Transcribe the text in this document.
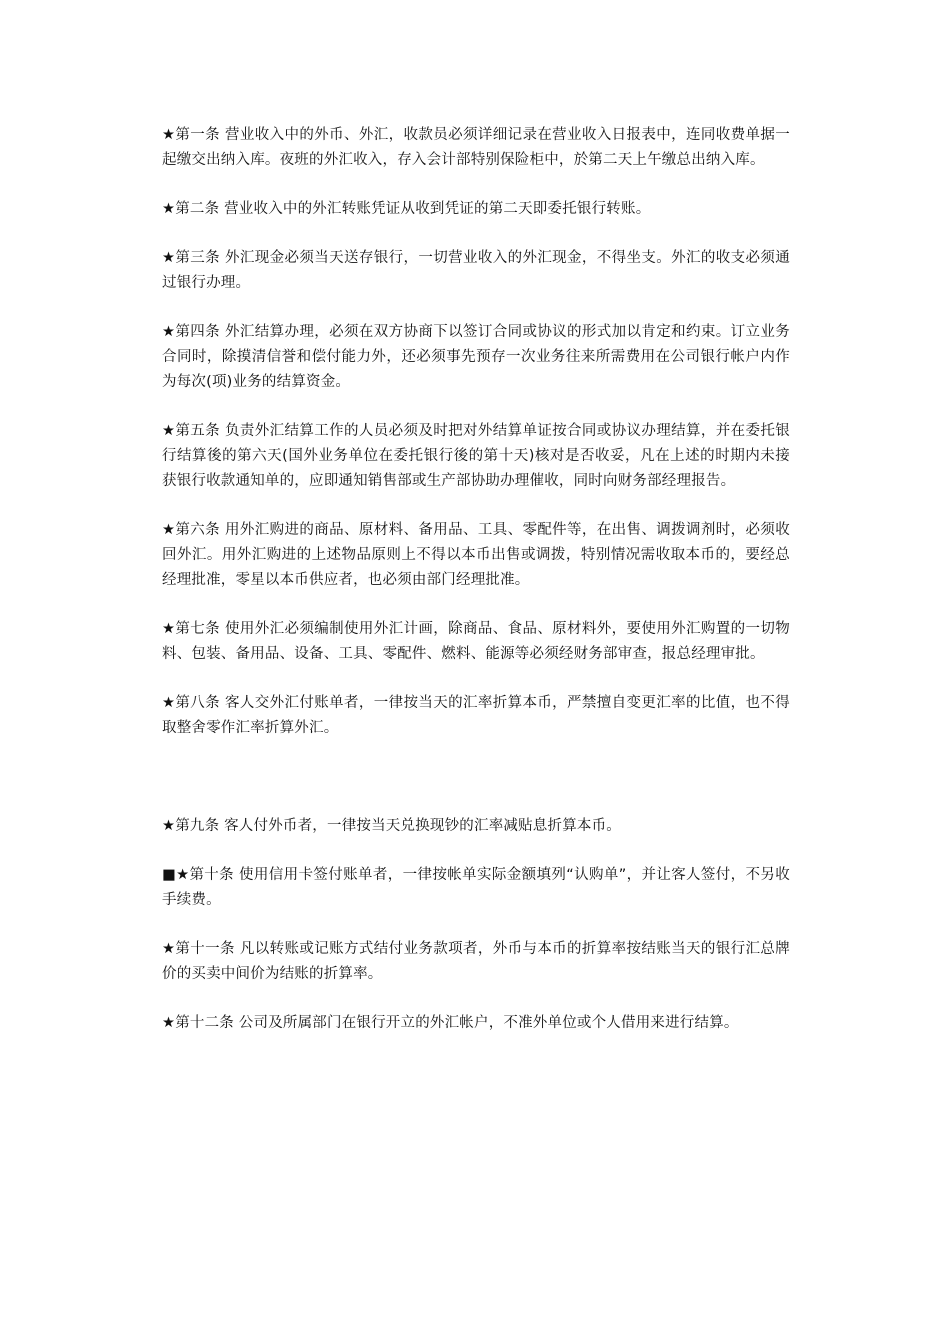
★第一条 营业收入中的外币、外汇，收款员必须详细记录在营业收入日报表中，连同收费单据一起缴交出纳入库。夜班的外汇收入，存入会计部特别保险柜中，於第二天上午缴总出纳入库。

★第二条 营业收入中的外汇转账凭证从收到凭证的第二天即委托银行转账。

★第三条 外汇现金必须当天送存银行，一切营业收入的外汇现金，不得坐支。外汇的收支必须通过银行办理。

★第四条 外汇结算办理，必须在双方协商下以签订合同或协议的形式加以肯定和约束。订立业务合同时，除摸清信誉和偿付能力外，还必须事先预存一次业务往来所需费用在公司银行帐户内作为每次(项)业务的结算资金。

★第五条 负责外汇结算工作的人员必须及时把对外结算单证按合同或协议办理结算，并在委托银行结算後的第六天(国外业务单位在委托银行後的第十天)核对是否收妥，凡在上述的时期内未接获银行收款通知单的，应即通知销售部或生产部协助办理催收，同时向财务部经理报告。

★第六条 用外汇购进的商品、原材料、备用品、工具、零配件等，在出售、调拨调剂时，必须收回外汇。用外汇购进的上述物品原则上不得以本币出售或调拨，特别情况需收取本币的，要经总经理批准，零星以本币供应者，也必须由部门经理批准。

★第七条 使用外汇必须编制使用外汇计画，除商品、食品、原材料外，要使用外汇购置的一切物料、包装、备用品、设备、工具、零配件、燃料、能源等必须经财务部审查，报总经理审批。

★第八条 客人交外汇付账单者，一律按当天的汇率折算本币，严禁擅自变更汇率的比值，也不得取整舍零作汇率折算外汇。

★第九条 客人付外币者，一律按当天兑换现钞的汇率减贴息折算本币。

■★第十条 使用信用卡签付账单者，一律按帐单实际金额填列“认购单”，并让客人签付，不另收手续费。

★第十一条 凡以转账或记账方式结付业务款项者，外币与本币的折算率按结账当天的银行汇总牌价的买卖中间价为结账的折算率。

★第十二条 公司及所属部门在银行开立的外汇帐户，不准外单位或个人借用来进行结算。
